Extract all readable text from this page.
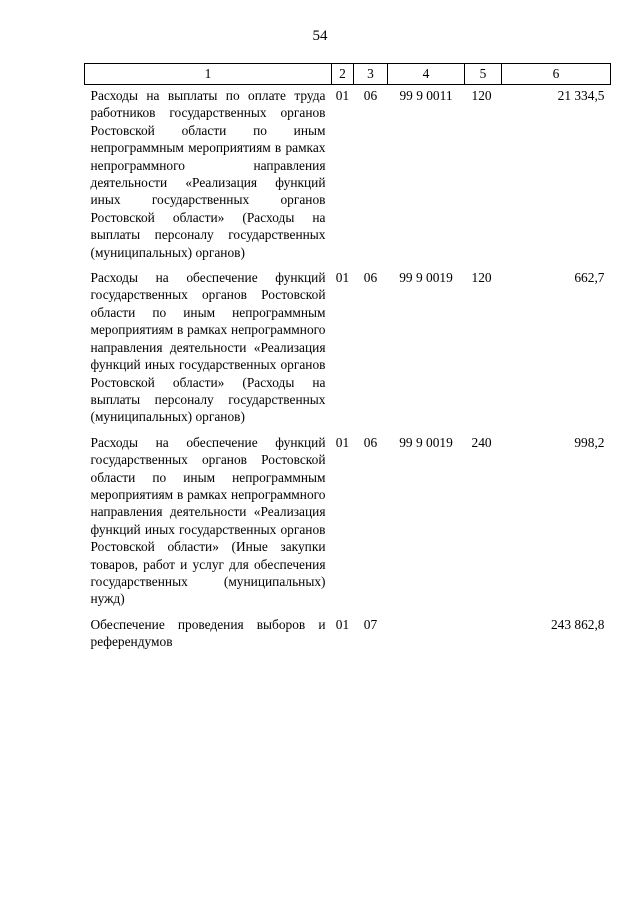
54
1	2	3	4	5	6
Расходы на выплаты по оплате труда работников государственных органов Ростовской области по иным непрограммным мероприятиям в рамках непрограммного направления деятельности «Реализация функций иных государственных органов Ростовской области» (Расходы на выплаты персоналу государственных (муниципальных) органов)	01	06	99 9 0011	120	21 334,5
Расходы на обеспечение функций государственных органов Ростовской области по иным непрограммным мероприятиям в рамках непрограммного направления деятельности «Реализация функций иных государственных органов Ростовской области» (Расходы на выплаты персоналу государственных (муниципальных) органов)	01	06	99 9 0019	120	662,7
Расходы на обеспечение функций государственных органов Ростовской области по иным непрограммным мероприятиям в рамках непрограммного направления деятельности «Реализация функций иных государственных органов Ростовской области» (Иные закупки товаров, работ и услуг для обеспечения государственных (муниципальных) нужд)	01	06	99 9 0019	240	998,2
Обеспечение проведения выборов и референдумов	01	07			243 862,8
